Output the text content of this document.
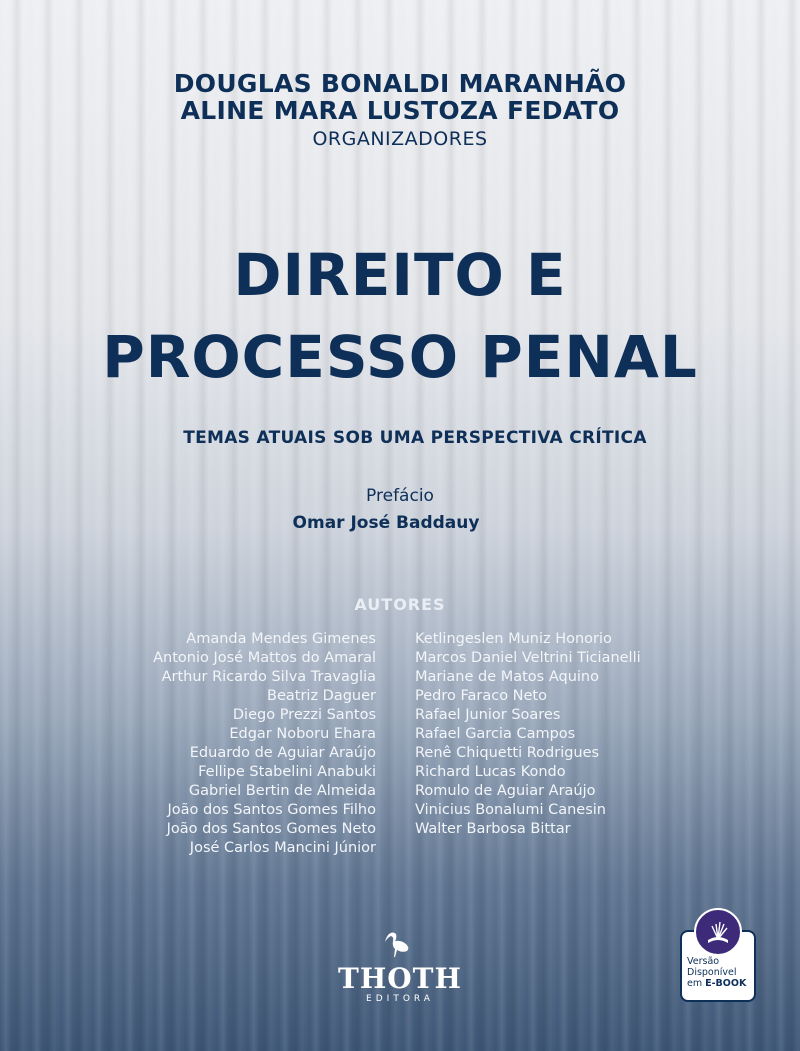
DOUGLAS BONALDI MARANHÃO
ALINE MARA LUSTOZA FEDATO
ORGANIZADORES
DIREITO E
PROCESSO PENAL
TEMAS ATUAIS SOB UMA PERSPECTIVA CRÍTICA
Prefácio
Omar José Baddauy
AUTORES
Amanda Mendes Gimenes
Antonio José Mattos do Amaral
Arthur Ricardo Silva Travaglia
Beatriz Daguer
Diego Prezzi Santos
Edgar Noboru Ehara
Eduardo de Aguiar Araújo
Fellipe Stabelini Anabuki
Gabriel Bertin de Almeida
João dos Santos Gomes Filho
João dos Santos Gomes Neto
José Carlos Mancini Júnior
Ketlingeslen Muniz Honorio
Marcos Daniel Veltrini Ticianelli
Mariane de Matos Aquino
Pedro Faraco Neto
Rafael Junior Soares
Rafael Garcia Campos
Renê Chiquetti Rodrigues
Richard Lucas Kondo
Romulo de Aguiar Araújo
Vinicius Bonalumi Canesin
Walter Barbosa Bittar
THOTH
EDITORA
Versão
Disponível
em E-BOOK
